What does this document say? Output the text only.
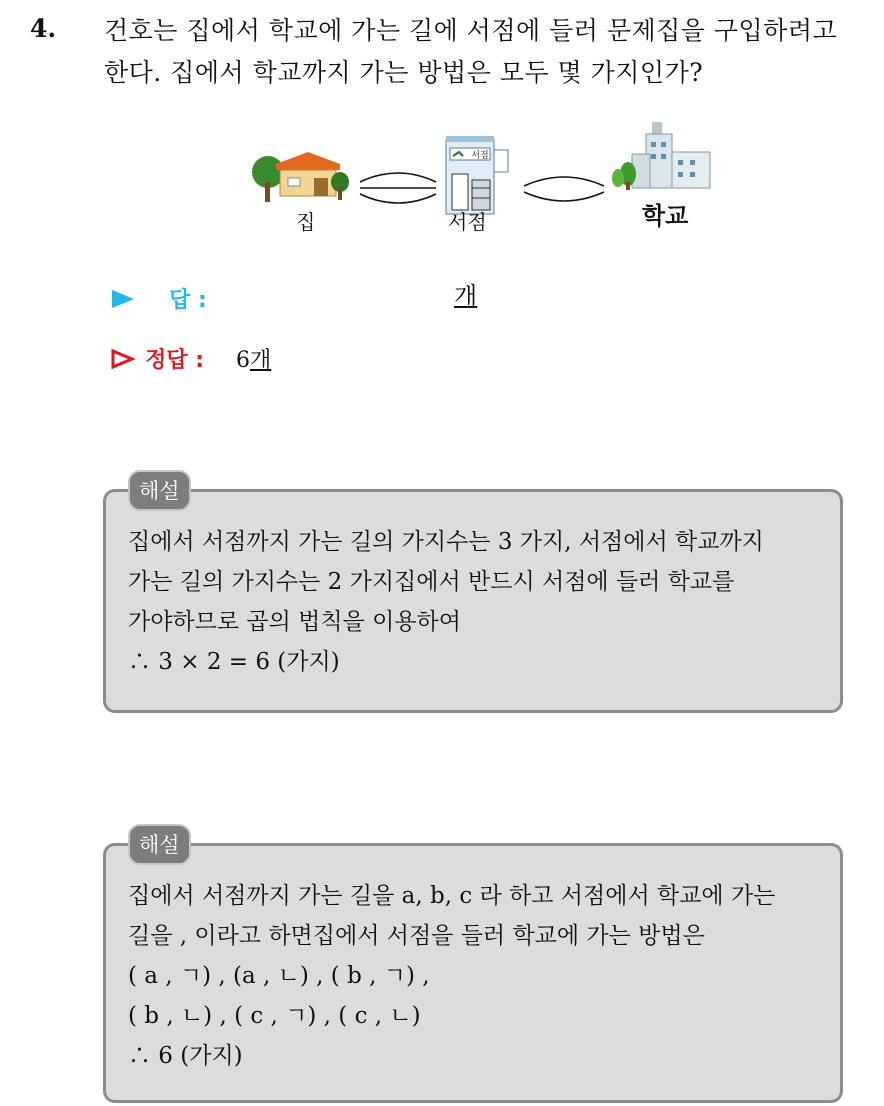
4. 건호는 집에서 학교에 가는 길에 서점에 들러 문제집을 구입하려고
한다. 집에서 학교까지 가는 방법은 모두 몇 가지인가?
서점
집	서점	학교
답 :	개
정답 : 6개
집에서 서점까지 가는 길의 가지수는 3 가지, 서점에서 학교까지
가는 길의 가지수는 2 가지집에서 반드시 서점에 들러 학교를
가야하므로 곱의 법칙을 이용하여
∴ 3 × 2 = 6 (가지)
해설
집에서 서점까지 가는 길을 a, b, c 라 하고 서점에서 학교에 가는
길을 , 이라고 하면집에서 서점을 들러 학교에 가는 방법은
( a , ㄱ) , (a , ㄴ) , ( b , ㄱ) ,
( b , ㄴ) , ( c , ㄱ) , ( c , ㄴ)
∴ 6 (가지)
해설
